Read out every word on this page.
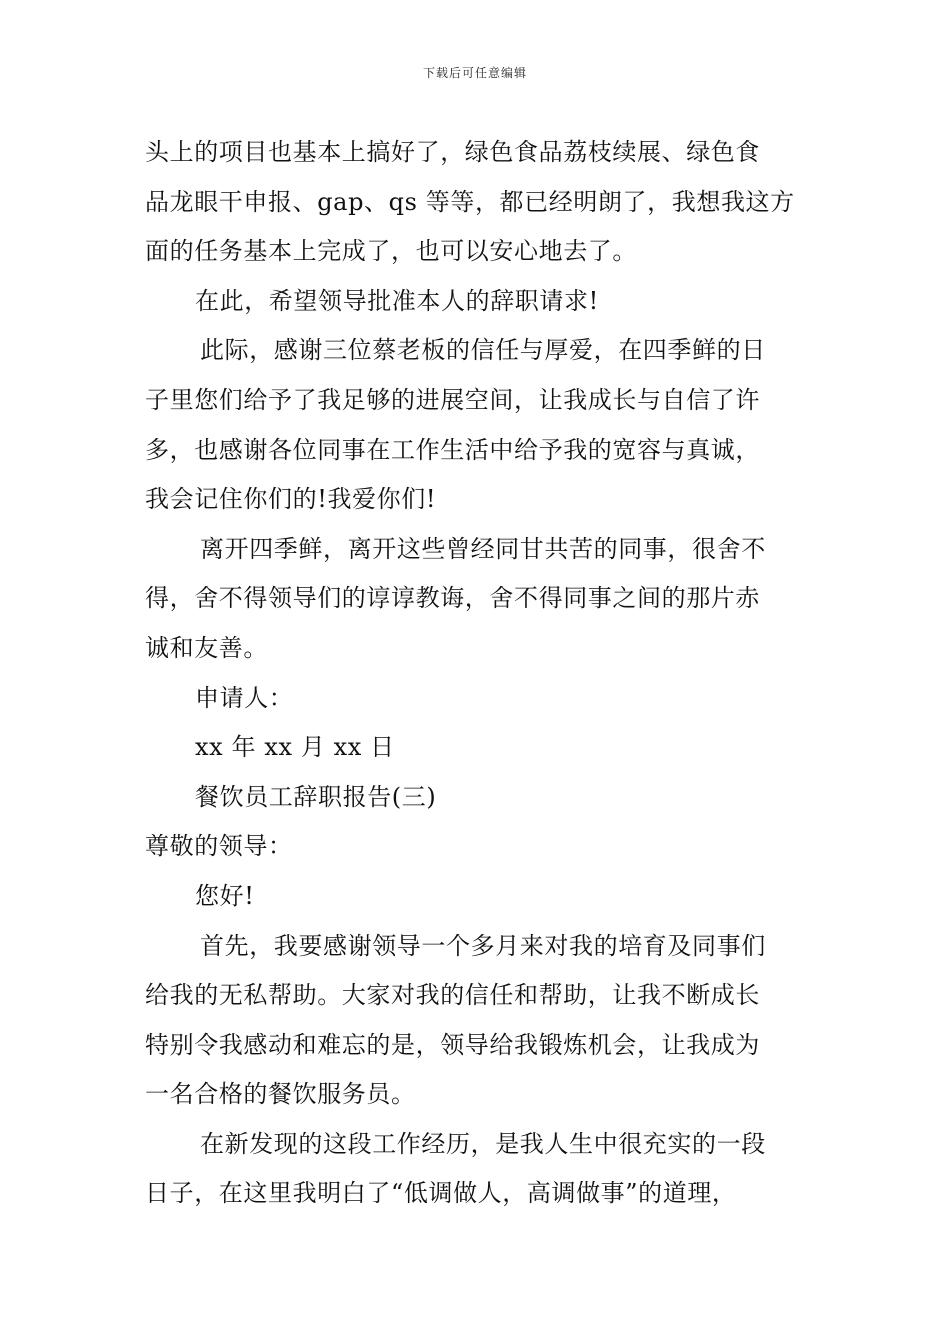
下载后可任意编辑
头上的项目也基本上搞好了，绿色食品荔枝续展、绿色食
品龙眼干申报、gap、qs 等等，都已经明朗了，我想我这方
面的任务基本上完成了，也可以安心地去了。
在此，希望领导批准本人的辞职请求!
此际，感谢三位蔡老板的信任与厚爱，在四季鲜的日
子里您们给予了我足够的进展空间，让我成长与自信了许
多，也感谢各位同事在工作生活中给予我的宽容与真诚，
我会记住你们的!我爱你们!
离开四季鲜，离开这些曾经同甘共苦的同事，很舍不
得，舍不得领导们的谆谆教诲，舍不得同事之间的那片赤
诚和友善。
申请人：
xx 年 xx 月 xx 日
餐饮员工辞职报告(三)
尊敬的领导：
您好!
首先，我要感谢领导一个多月来对我的培育及同事们
给我的无私帮助。大家对我的信任和帮助，让我不断成长
特别令我感动和难忘的是，领导给我锻炼机会，让我成为
一名合格的餐饮服务员。
在新发现的这段工作经历，是我人生中很充实的一段
日子，在这里我明白了“低调做人，高调做事”的道理，
